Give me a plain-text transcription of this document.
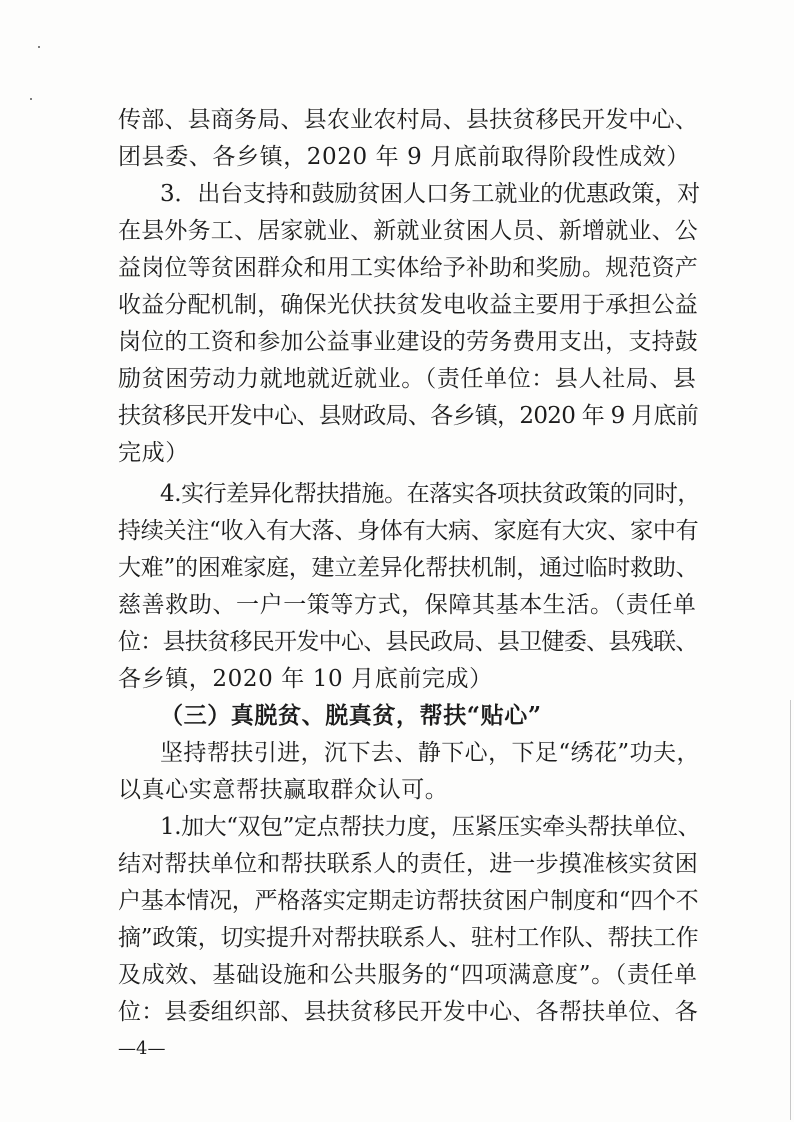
传部、县商务局、县农业农村局、县扶贫移民开发中心、
团县委、各乡镇，2020 年 9 月底前取得阶段性成效）
3．出台支持和鼓励贫困人口务工就业的优惠政策，对
在县外务工、居家就业、新就业贫困人员、新增就业、公
益岗位等贫困群众和用工实体给予补助和奖励。规范资产
收益分配机制，确保光伏扶贫发电收益主要用于承担公益
岗位的工资和参加公益事业建设的劳务费用支出，支持鼓
励贫困劳动力就地就近就业。（责任单位：县人社局、县
扶贫移民开发中心、县财政局、各乡镇，2020 年 9 月底前
完成）
4.实行差异化帮扶措施。在落实各项扶贫政策的同时，
持续关注“收入有大落、身体有大病、家庭有大灾、家中有
大难”的困难家庭，建立差异化帮扶机制，通过临时救助、
慈善救助、一户一策等方式，保障其基本生活。（责任单
位：县扶贫移民开发中心、县民政局、县卫健委、县残联、
各乡镇，2020 年 10 月底前完成）
（三）真脱贫、脱真贫，帮扶“贴心”
坚持帮扶引进，沉下去、静下心，下足“绣花”功夫，
以真心实意帮扶赢取群众认可。
1.加大“双包”定点帮扶力度，压紧压实牵头帮扶单位、
结对帮扶单位和帮扶联系人的责任，进一步摸准核实贫困
户基本情况，严格落实定期走访帮扶贫困户制度和“四个不
摘”政策，切实提升对帮扶联系人、驻村工作队、帮扶工作
及成效、基础设施和公共服务的“四项满意度”。（责任单
位：县委组织部、县扶贫移民开发中心、各帮扶单位、各
—4—
